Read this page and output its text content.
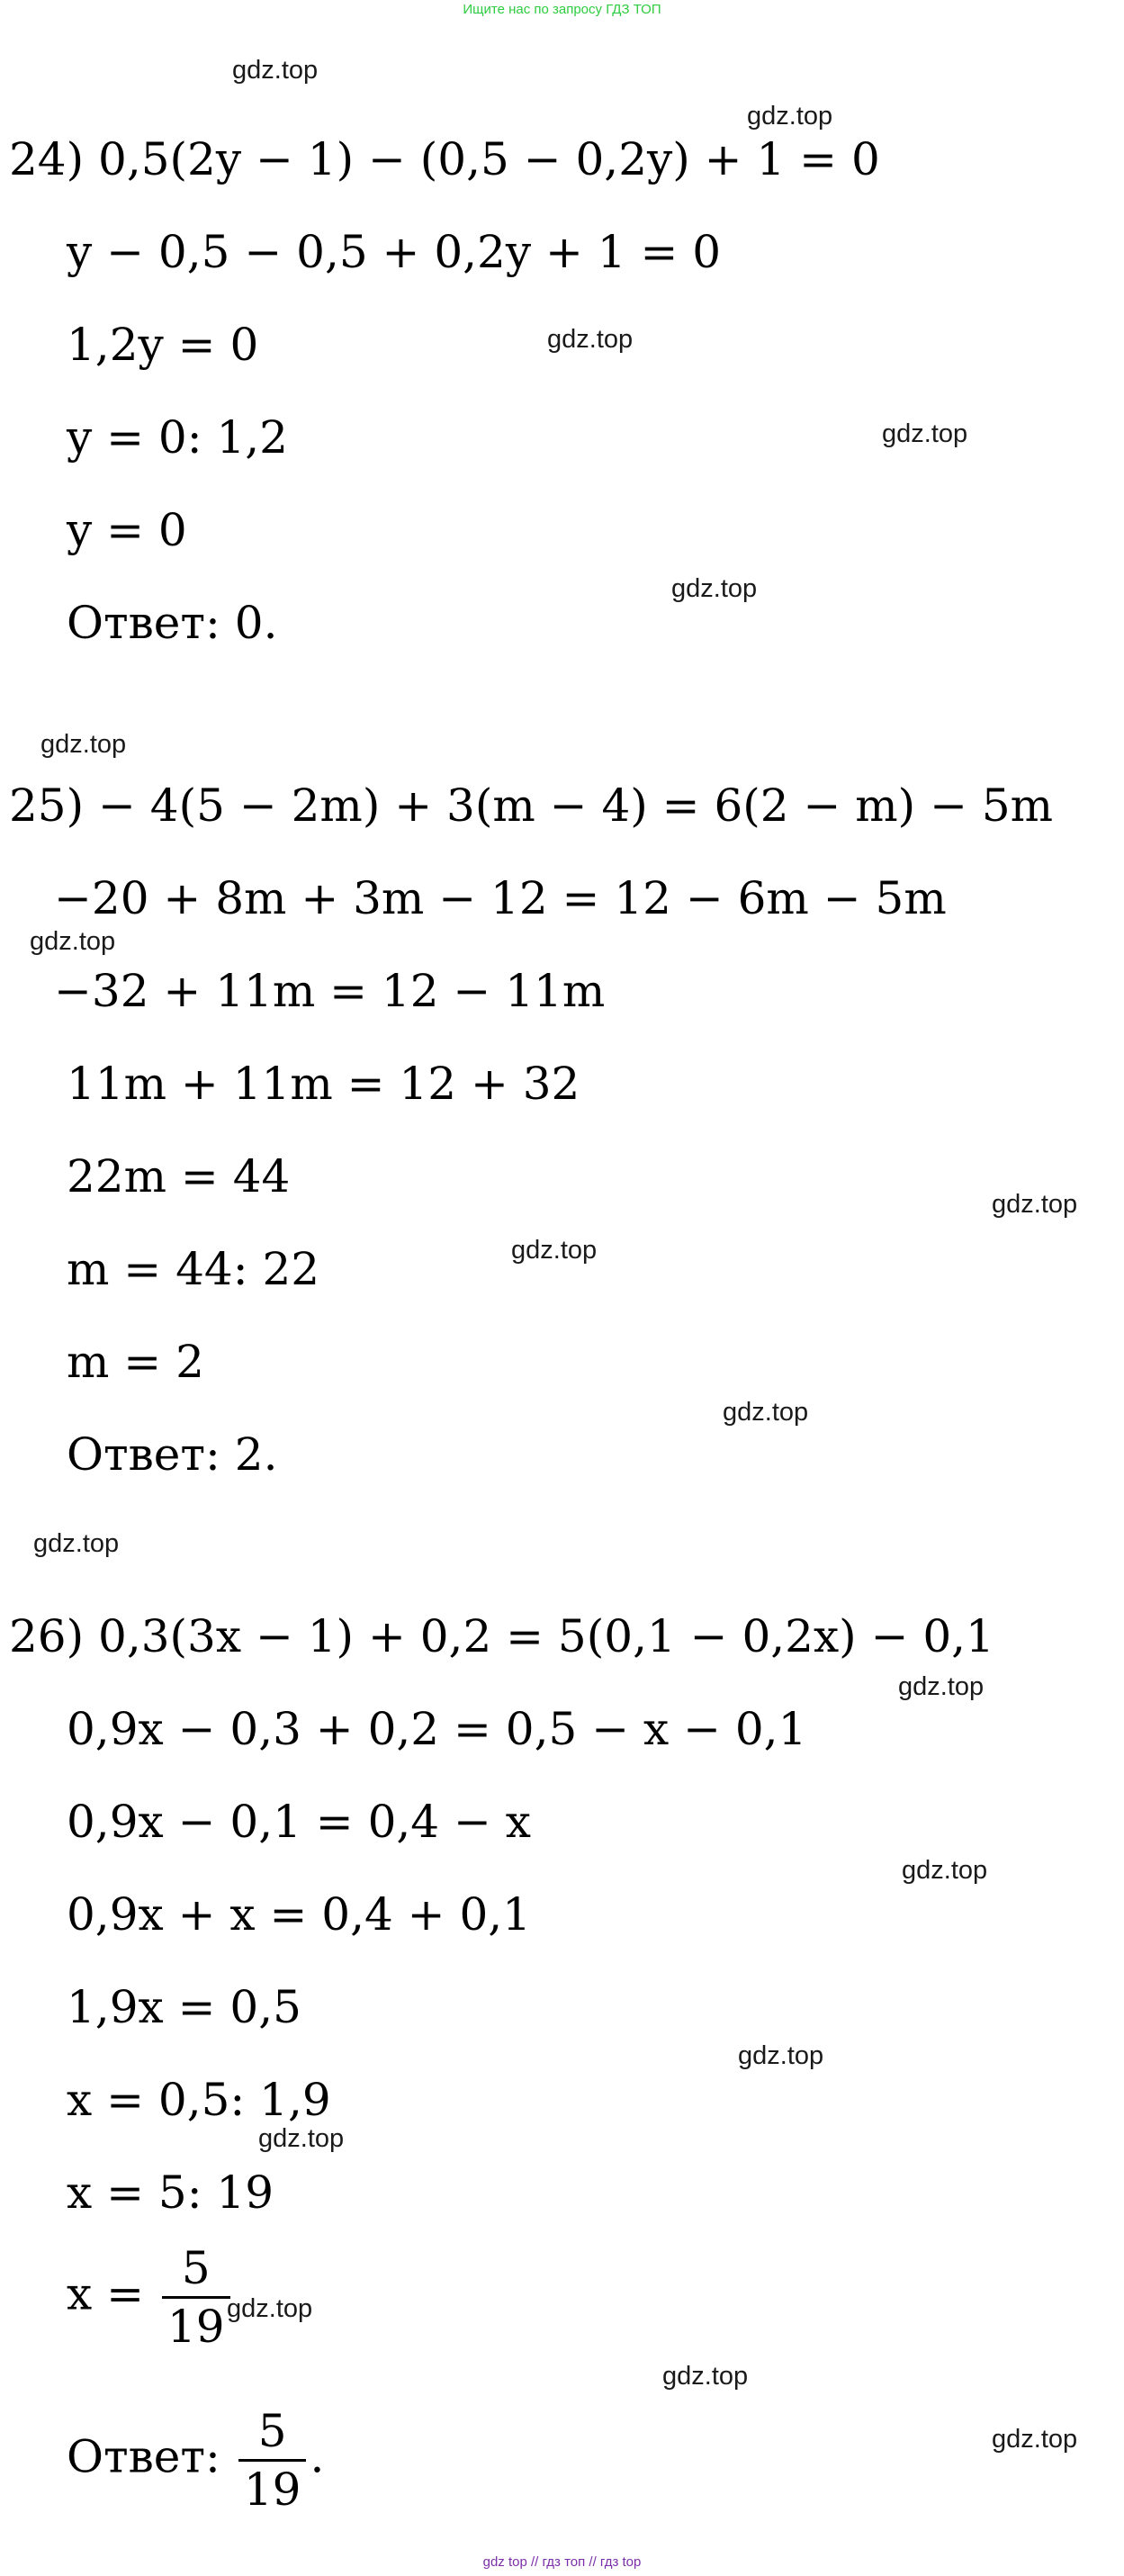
Ищите нас по запросу ГДЗ ТОП
gdz.top
gdz.top
gdz.top
gdz.top
gdz.top
gdz.top
gdz.top
gdz.top
gdz.top
gdz.top
gdz.top
gdz.top
gdz.top
gdz.top
gdz.top
gdz.top
gdz.top
gdz.top
24) 0,5(2y − 1) − (0,5 − 0,2y) + 1 = 0
y − 0,5 − 0,5 + 0,2y + 1 = 0
1,2y = 0
y = 0: 1,2
y = 0
Ответ: 0.
25) − 4(5 − 2m) + 3(m − 4) = 6(2 − m) − 5m
−20 + 8m + 3m − 12 = 12 − 6m − 5m
−32 + 11m = 12 − 11m
11m + 11m = 12 + 32
22m = 44
m = 44: 22
m = 2
Ответ: 2.
26) 0,3(3x − 1) + 0,2 = 5(0,1 − 0,2x) − 0,1
0,9x − 0,3 + 0,2 = 0,5 − x − 0,1
0,9x − 0,1 = 0,4 − x
0,9x + x = 0,4 + 0,1
1,9x = 0,5
x = 0,5: 1,9
x = 5: 19
$x = \frac{5}{19}$
Ответ: $\frac{5}{19}$ .
gdz top // гдз топ // гдз top
